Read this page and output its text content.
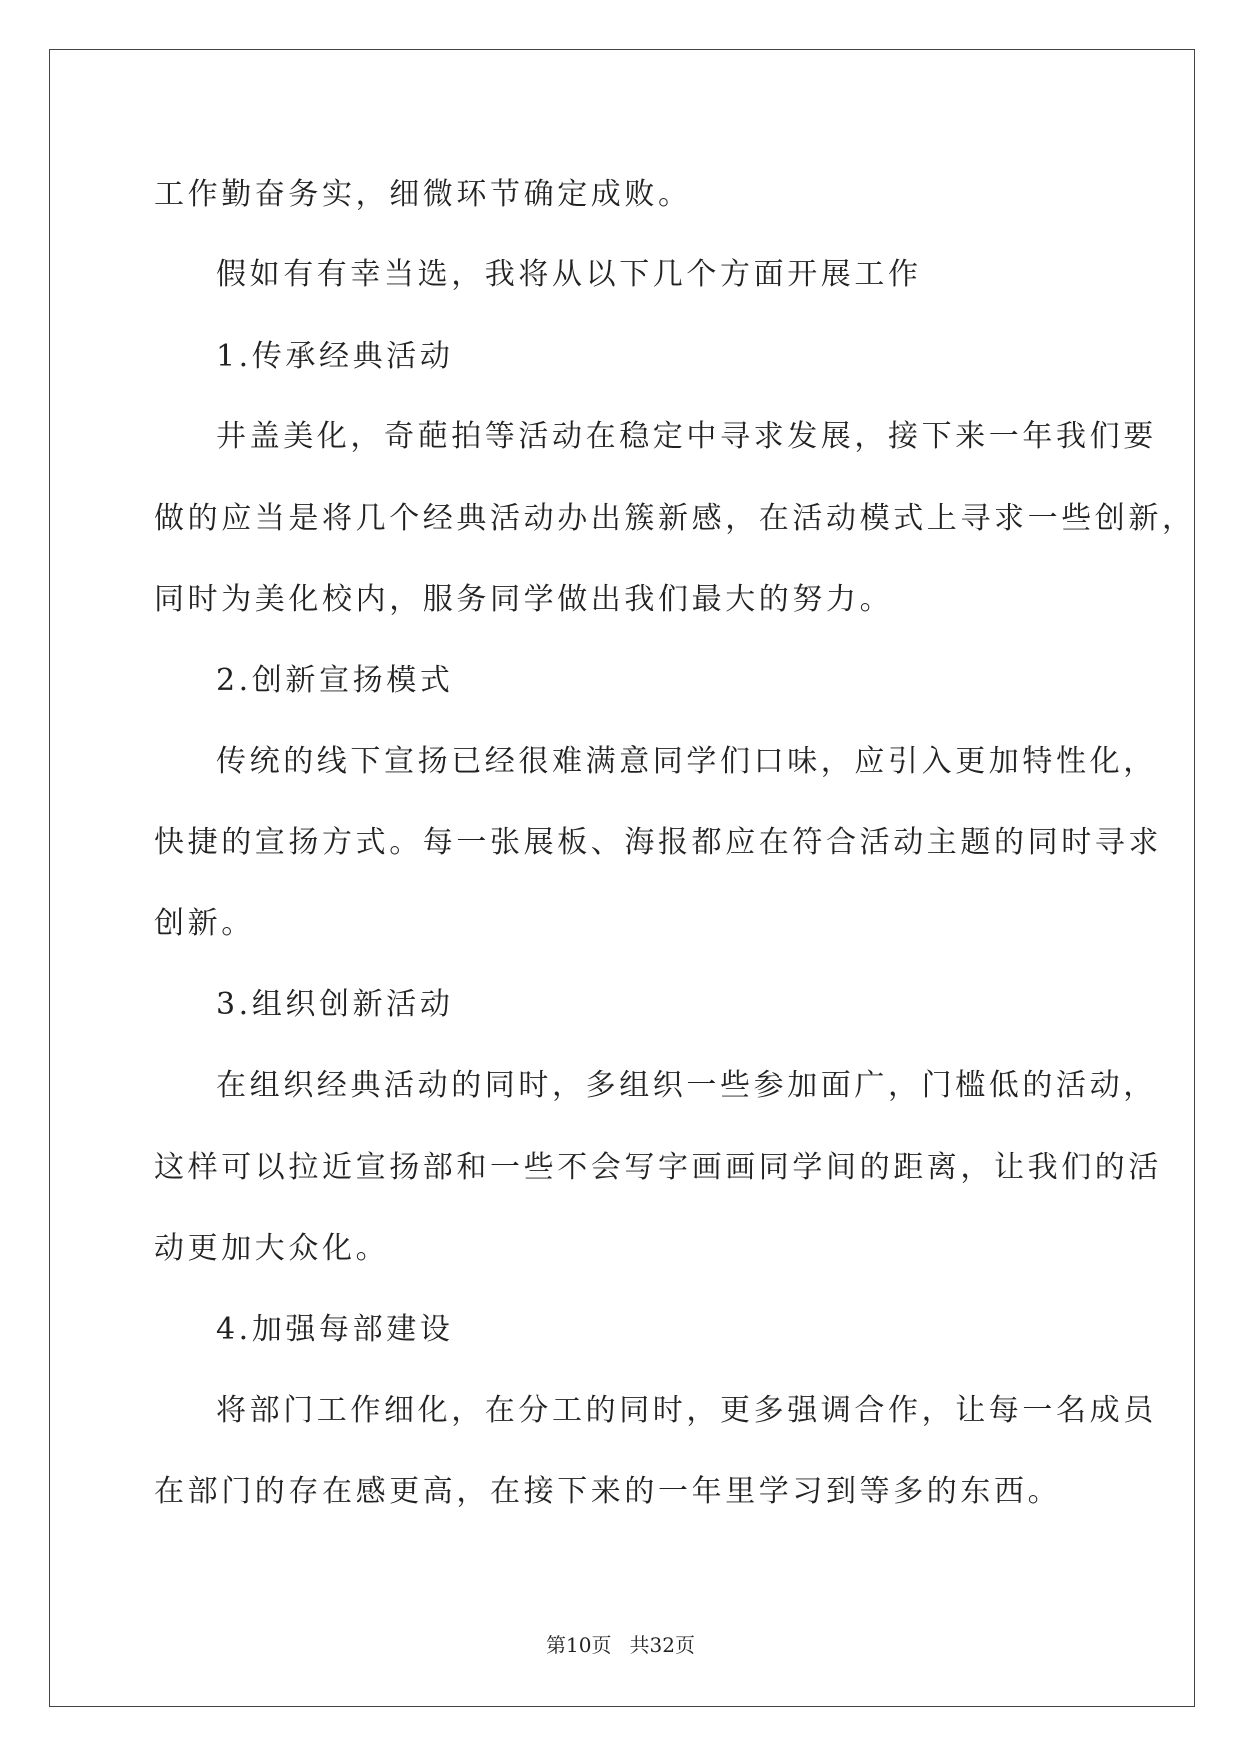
工作勤奋务实，细微环节确定成败。
假如有有幸当选，我将从以下几个方面开展工作
1.传承经典活动
井盖美化，奇葩拍等活动在稳定中寻求发展，接下来一年我们要
做的应当是将几个经典活动办出簇新感，在活动模式上寻求一些创新，
同时为美化校内，服务同学做出我们最大的努力。
2.创新宣扬模式
传统的线下宣扬已经很难满意同学们口味，应引入更加特性化，
快捷的宣扬方式。每一张展板、海报都应在符合活动主题的同时寻求
创新。
3.组织创新活动
在组织经典活动的同时，多组织一些参加面广，门槛低的活动，
这样可以拉近宣扬部和一些不会写字画画同学间的距离，让我们的活
动更加大众化。
4.加强每部建设
将部门工作细化，在分工的同时，更多强调合作，让每一名成员
在部门的存在感更高，在接下来的一年里学习到等多的东西。
第10页 共32页
